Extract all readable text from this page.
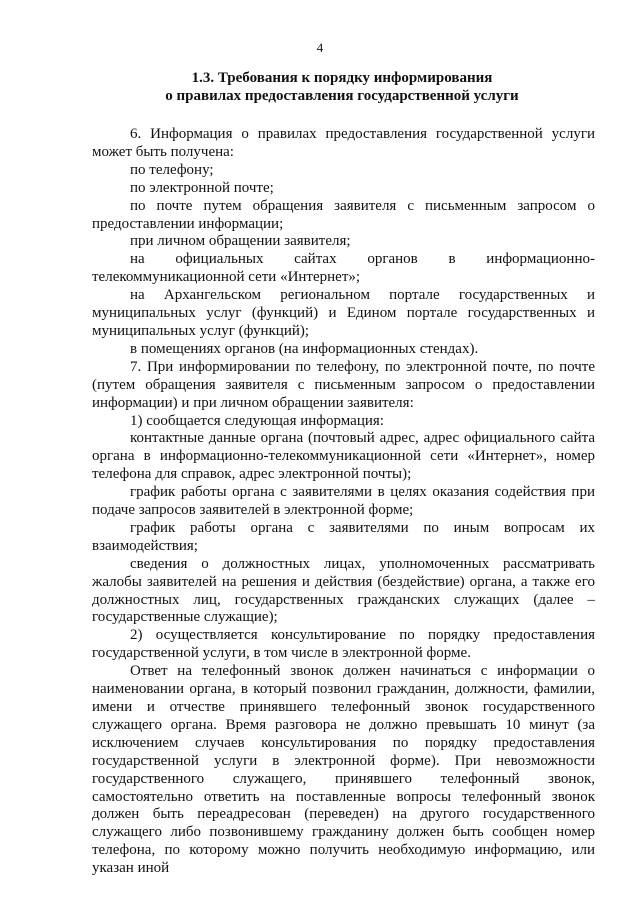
4
1.3. Требования к порядку информирования
о правилах предоставления государственной услуги

6. Информация о правилах предоставления государственной услуги может быть получена:

по телефону;

по электронной почте;

по почте путем обращения заявителя с письменным запросом о предоставлении информации;

при личном обращении заявителя;

на официальных сайтах органов в информационно-телекоммуникационной сети «Интернет»;

на Архангельском региональном портале государственных и муниципальных услуг (функций) и Едином портале государственных и муниципальных услуг (функций);

в помещениях органов (на информационных стендах).

7. При информировании по телефону, по электронной почте, по почте (путем обращения заявителя с письменным запросом о предоставлении информации) и при личном обращении заявителя:

1) сообщается следующая информация:

контактные данные органа (почтовый адрес, адрес официального сайта органа в информационно-телекоммуникационной сети «Интернет», номер телефона для справок, адрес электронной почты);

график работы органа с заявителями в целях оказания содействия при подаче запросов заявителей в электронной форме;

график работы органа с заявителями по иным вопросам их взаимодействия;

сведения о должностных лицах, уполномоченных рассматривать жалобы заявителей на решения и действия (бездействие) органа, а также его должностных лиц, государственных гражданских служащих (далее – государственные служащие);

2) осуществляется консультирование по порядку предоставления государственной услуги, в том числе в электронной форме.

Ответ на телефонный звонок должен начинаться с информации о наименовании органа, в который позвонил гражданин, должности, фамилии, имени и отчестве принявшего телефонный звонок государственного служащего органа. Время разговора не должно превышать 10 минут (за исключением случаев консультирования по порядку предоставления государственной услуги в электронной форме). При невозможности государственного служащего, принявшего телефонный звонок, самостоятельно ответить на поставленные вопросы телефонный звонок должен быть переадресован (переведен) на другого государственного служащего либо позвонившему гражданину должен быть сообщен номер телефона, по которому можно получить необходимую информацию, или указан иной
